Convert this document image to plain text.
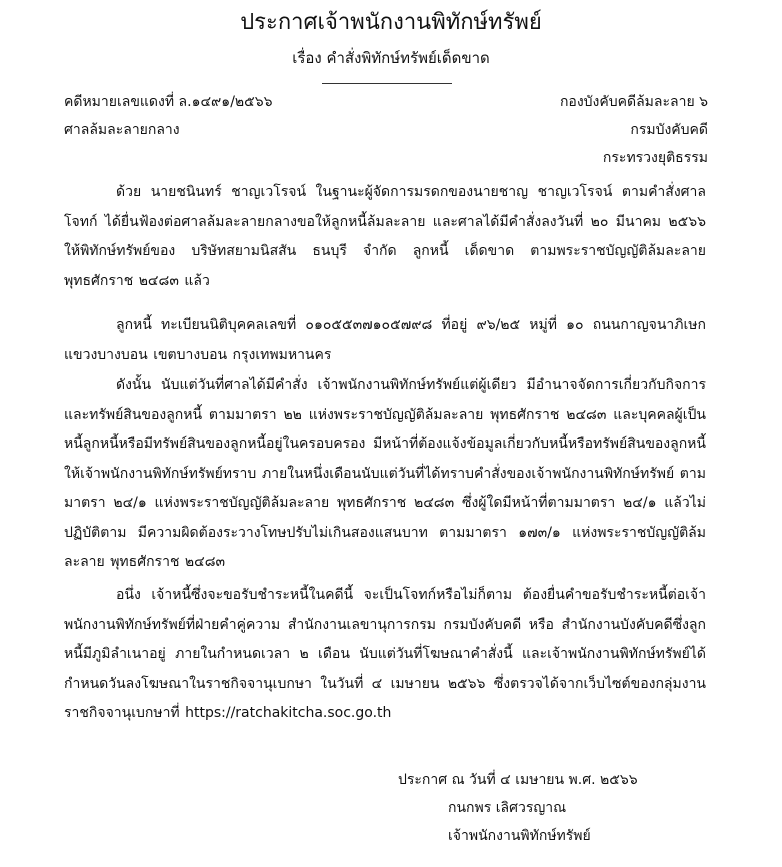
ประกาศเจ้าพนักงานพิทักษ์ทรัพย์
เรื่อง คำสั่งพิทักษ์ทรัพย์เด็ดขาด
คดีหมายเลขแดงที่ ล.๑๔๙๑/๒๕๖๖	กองบังคับคดีล้มละลาย ๖
ศาลล้มละลายกลาง	กรมบังคับคดี
กระทรวงยุติธรรม
ด้วย นายชนินทร์ ชาญเวโรจน์ ในฐานะผู้จัดการมรดกของนายชาญ ชาญเวโรจน์ ตามคำสั่งศาล โจทก์ ได้ยื่นฟ้องต่อศาลล้มละลายกลางขอให้ลูกหนี้ล้มละลาย และศาลได้มีคำสั่งลงวันที่ ๒๐ มีนาคม ๒๕๖๖ ให้พิทักษ์ทรัพย์ของ บริษัทสยามนิสสัน ธนบุรี จำกัด ลูกหนี้ เด็ดขาด ตามพระราชบัญญัติล้มละลาย พุทธศักราช ๒๔๘๓ แล้ว
ลูกหนี้ ทะเบียนนิติบุคคลเลขที่ ๐๑๐๕๕๓๗๑๐๕๗๙๘ ที่อยู่ ๙๖/๒๕ หมู่ที่ ๑๐ ถนนกาญจนาภิเษก แขวงบางบอน เขตบางบอน กรุงเทพมหานคร
ดังนั้น นับแต่วันที่ศาลได้มีคำสั่ง เจ้าพนักงานพิทักษ์ทรัพย์แต่ผู้เดียว มีอำนาจจัดการเกี่ยวกับกิจการและทรัพย์สินของลูกหนี้ ตามมาตรา ๒๒ แห่งพระราชบัญญัติล้มละลาย พุทธศักราช ๒๔๘๓ และบุคคลผู้เป็นหนี้ลูกหนี้หรือมีทรัพย์สินของลูกหนี้อยู่ในครอบครอง มีหน้าที่ต้องแจ้งข้อมูลเกี่ยวกับหนี้หรือทรัพย์สินของลูกหนี้ให้เจ้าพนักงานพิทักษ์ทรัพย์ทราบ ภายในหนึ่งเดือนนับแต่วันที่ได้ทราบคำสั่งของเจ้าพนักงานพิทักษ์ทรัพย์ ตามมาตรา ๒๔/๑ แห่งพระราชบัญญัติล้มละลาย พุทธศักราช ๒๔๘๓ ซึ่งผู้ใดมีหน้าที่ตามมาตรา ๒๔/๑ แล้วไม่ปฏิบัติตาม มีความผิดต้องระวางโทษปรับไม่เกินสองแสนบาท ตามมาตรา ๑๗๓/๑ แห่งพระราชบัญญัติล้มละลาย พุทธศักราช ๒๔๘๓
อนึ่ง เจ้าหนี้ซึ่งจะขอรับชำระหนี้ในคดีนี้ จะเป็นโจทก์หรือไม่ก็ตาม ต้องยื่นคำขอรับชำระหนี้ต่อเจ้าพนักงานพิทักษ์ทรัพย์ที่ฝ่ายคำคู่ความ สำนักงานเลขานุการกรม กรมบังคับคดี หรือ สำนักงานบังคับคดีซึ่งลูกหนี้มีภูมิลำเนาอยู่ ภายในกำหนดเวลา ๒ เดือน นับแต่วันที่โฆษณาคำสั่งนี้ และเจ้าพนักงานพิทักษ์ทรัพย์ได้กำหนดวันลงโฆษณาในราชกิจจานุเบกษา ในวันที่ ๔ เมษายน ๒๕๖๖ ซึ่งตรวจได้จากเว็บไซต์ของกลุ่มงานราชกิจจานุเบกษาที่ https://ratchakitcha.soc.go.th
ประกาศ ณ วันที่ ๔ เมษายน พ.ศ. ๒๕๖๖
กนกพร เลิศวรญาณ
เจ้าพนักงานพิทักษ์ทรัพย์
